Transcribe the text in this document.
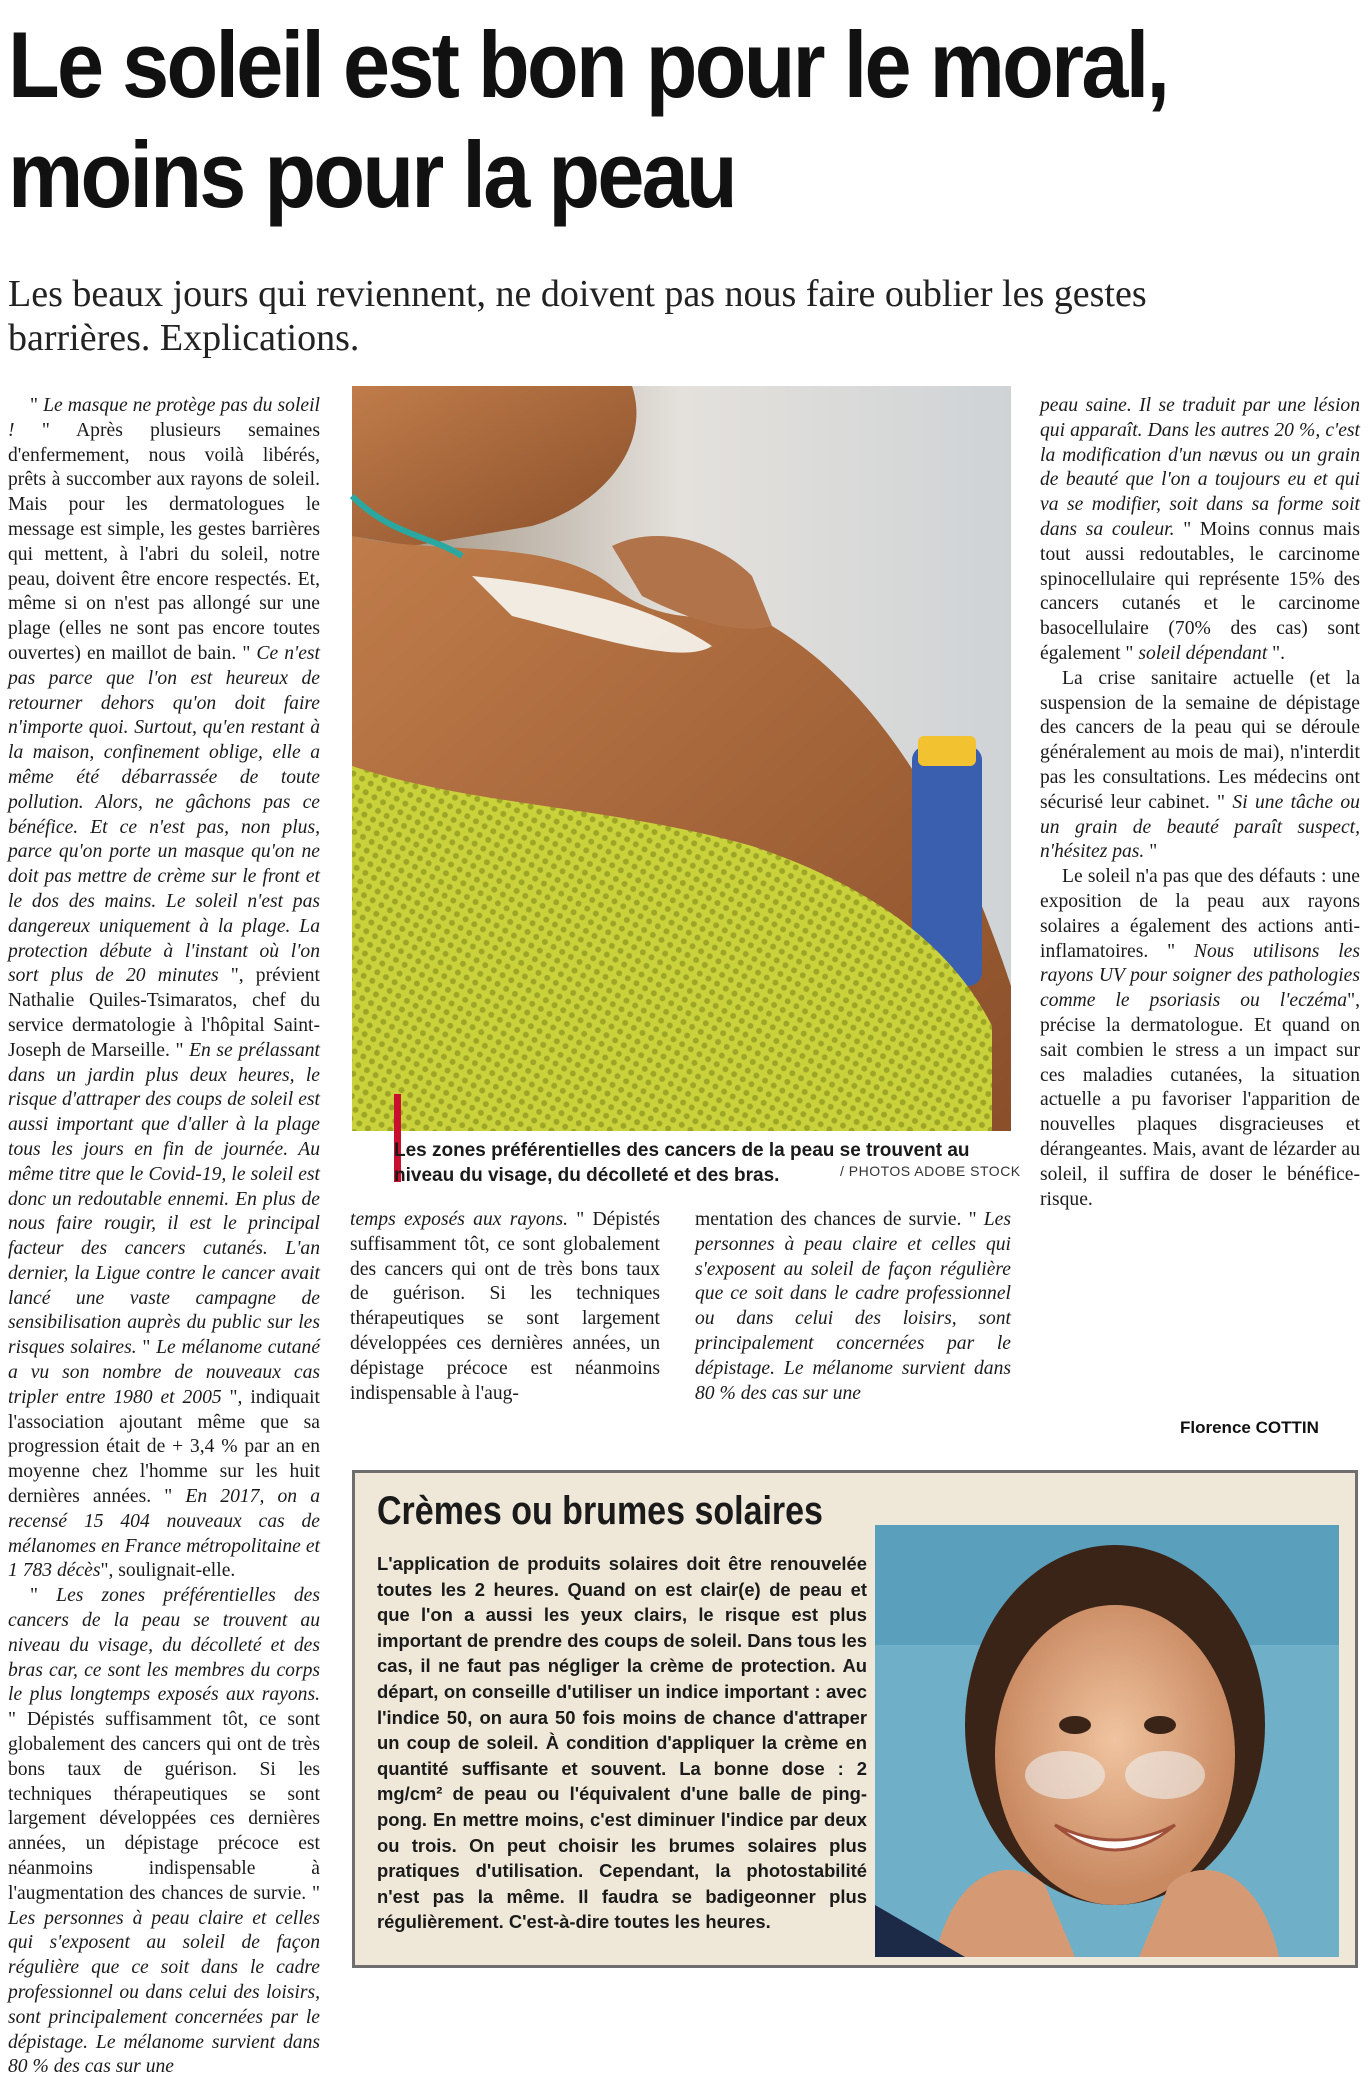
Le soleil est bon pour le moral, moins pour la peau
Les beaux jours qui reviennent, ne doivent pas nous faire oublier les gestes barrières. Explications.

" Le masque ne protège pas du soleil ! " Après plusieurs semaines d'enfermement, nous voilà libérés, prêts à succomber aux rayons de soleil. Mais pour les dermatologues le message est simple, les gestes barrières qui mettent, à l'abri du soleil, notre peau, doivent être encore respectés. Et, même si on n'est pas allongé sur une plage (elles ne sont pas encore toutes ouvertes) en maillot de bain. " Ce n'est pas parce que l'on est heureux de retourner dehors qu'on doit faire n'importe quoi. Surtout, qu'en restant à la maison, confinement oblige, elle a même été débarrassée de toute pollution. Alors, ne gâchons pas ce bénéfice. Et ce n'est pas, non plus, parce qu'on porte un masque qu'on ne doit pas mettre de crème sur le front et le dos des mains. Le soleil n'est pas dangereux uniquement à la plage. La protection débute à l'instant où l'on sort plus de 20 minutes ", prévient Nathalie Quiles-Tsimaratos, chef du service dermatologie à l'hôpital Saint-Joseph de Marseille. " En se prélassant dans un jardin plus deux heures, le risque d'attraper des coups de soleil est aussi important que d'aller à la plage tous les jours en fin de journée. Au même titre que le Covid-19, le soleil est donc un redoutable ennemi. En plus de nous faire rougir, il est le principal facteur des cancers cutanés. L'an dernier, la Ligue contre le cancer avait lancé une vaste campagne de sensibilisation auprès du public sur les risques solaires. " Le mélanome cutané a vu son nombre de nouveaux cas tripler entre 1980 et 2005 ", indiquait l'association ajoutant même que sa progression était de + 3,4 % par an en moyenne chez l'homme sur les huit dernières années. " En 2017, on a recensé 15 404 nouveaux cas de mélanomes en France métropolitaine et 1 783 décès", soulignait-elle.

" Les zones préférentielles des cancers de la peau se trouvent au niveau du visage, du décolleté et des bras car, ce sont les membres du corps le plus longtemps exposés aux rayons. " Dépistés suffisamment tôt, ce sont globalement des cancers qui ont de très bons taux de guérison. Si les techniques thérapeutiques se sont largement développées ces dernières années, un dépistage précoce est néanmoins indispensable à l'augmentation des chances de survie. " Les personnes à peau claire et celles qui s'exposent au soleil de façon régulière que ce soit dans le cadre professionnel ou dans celui des loisirs, sont principalement concernées par le dépistage. Le mélanome survient dans 80 % des cas sur une

Les zones préférentielles des cancers de la peau se trouvent au niveau du visage, du décolleté et des bras.	/ PHOTOS ADOBE STOCK

temps exposés aux rayons. " Dépistés suffisamment tôt, ce sont globalement des cancers qui ont de très bons taux de guérison. Si les techniques thérapeutiques se sont largement développées ces dernières années, un dépistage précoce est néanmoins indispensable à l'aug-

mentation des chances de survie. " Les personnes à peau claire et celles qui s'exposent au soleil de façon régulière que ce soit dans le cadre professionnel ou dans celui des loisirs, sont principalement concernées par le dépistage. Le mélanome survient dans 80 % des cas sur une

peau saine. Il se traduit par une lésion qui apparaît. Dans les autres 20 %, c'est la modification d'un nævus ou un grain de beauté que l'on a toujours eu et qui va se modifier, soit dans sa forme soit dans sa couleur. " Moins connus mais tout aussi redoutables, le carcinome spinocellulaire qui représente 15% des cancers cutanés et le carcinome basocellulaire (70% des cas) sont également " soleil dépendant ".

La crise sanitaire actuelle (et la suspension de la semaine de dépistage des cancers de la peau qui se déroule généralement au mois de mai), n'interdit pas les consultations. Les médecins ont sécurisé leur cabinet. " Si une tâche ou un grain de beauté paraît suspect, n'hésitez pas. "

Le soleil n'a pas que des défauts : une exposition de la peau aux rayons solaires a également des actions anti-inflamatoires. " Nous utilisons les rayons UV pour soigner des pathologies comme le psoriasis ou l'eczéma", précise la dermatologue. Et quand on sait combien le stress a un impact sur ces maladies cutanées, la situation actuelle a pu favoriser l'apparition de nouvelles plaques disgracieuses et dérangeantes. Mais, avant de lézarder au soleil, il suffira de doser le bénéfice-risque.

Florence COTTIN
Crèmes ou brumes solaires
L'application de produits solaires doit être renouvelée toutes les 2 heures. Quand on est clair(e) de peau et que l'on a aussi les yeux clairs, le risque est plus important de prendre des coups de soleil. Dans tous les cas, il ne faut pas négliger la crème de protection. Au départ, on conseille d'utiliser un indice important : avec l'indice 50, on aura 50 fois moins de chance d'attraper un coup de soleil. À condition d'appliquer la crème en quantité suffisante et souvent. La bonne dose : 2 mg/cm² de peau ou l'équivalent d'une balle de ping-pong. En mettre moins, c'est diminuer l'indice par deux ou trois. On peut choisir les brumes solaires plus pratiques d'utilisation. Cependant, la photostabilité n'est pas la même. Il faudra se badigeonner plus régulièrement. C'est-à-dire toutes les heures.
